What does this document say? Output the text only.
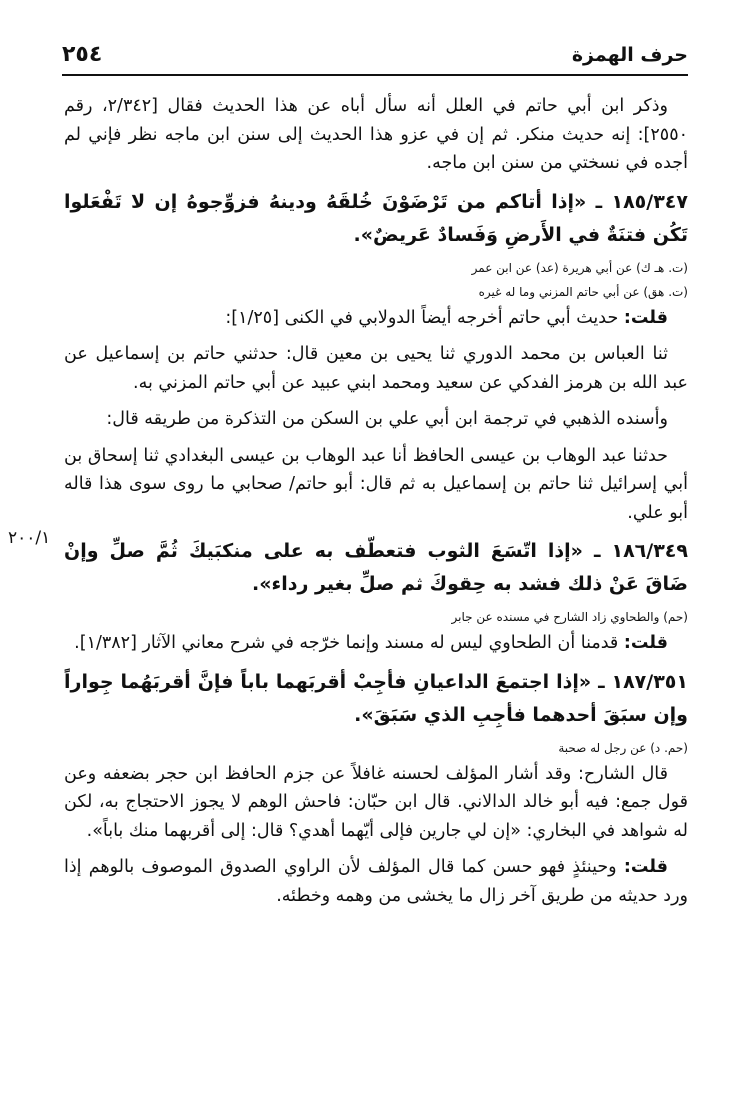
حرف الهمزة
٢٥٤
٢٠٠/١

وذكر ابن أبي حاتم في العلل أنه سأل أباه عن هذا الحديث فقال [٢/٣٤٢، رقم ٢٥٥٠]: إنه حديث منكر. ثم إن في عزو هذا الحديث إلى سنن ابن ماجه نظر فإني لم أجده في نسختي من سنن ابن ماجه.

١٨٥/٣٤٧ ـ «إذا أتاكم من تَرْضَوْنَ خُلقَهُ ودينهُ فزوِّجوهُ إن لا تَفْعَلوا تَكُن فتنَةٌ في الأَرضِ وَفَسادٌ عَريضٌ».

(ت. هـ ك) عن أبي هريرة (عد) عن ابن عمر

(ت. هق) عن أبي حاتم المزني وما له غيره

قلت: حديث أبي حاتم أخرجه أيضاً الدولابي في الكنى [١/٢٥]:

ثنا العباس بن محمد الدوري ثنا يحيى بن معين قال: حدثني حاتم بن إسماعيل عن عبد الله بن هرمز الفدكي عن سعيد ومحمد ابني عبيد عن أبي حاتم المزني به.

وأسنده الذهبي في ترجمة ابن أبي علي بن السكن من التذكرة من طريقه قال:

حدثنا عبد الوهاب بن عيسى الحافظ أنا عبد الوهاب بن عيسى البغدادي ثنا إسحاق بن أبي إسرائيل ثنا حاتم بن إسماعيل به ثم قال: أبو حاتم/ صحابي ما روى سوى هذا قاله أبو علي.

١٨٦/٣٤٩ ـ «إذا اتّسَعَ الثوب فتعطّف به على منكبَيكَ ثُمَّ صلِّ وإنْ ضَاقَ عَنْ ذلك فشد به حِقوكَ ثم صلِّ بغير رداء».

(حم) والطحاوي زاد الشارح في مسنده عن جابر

قلت: قدمنا أن الطحاوي ليس له مسند وإنما خرّجه في شرح معاني الآثار [١/٣٨٢].

١٨٧/٣٥١ ـ «إذا اجتمعَ الداعيانِ فأجِبْ أقربَهما باباً فإنَّ أقربَهُما جِواراً وإن سبَقَ أحدهما فأجِبِ الذي سَبَقَ».

(حم. د) عن رجل له صحبة

قال الشارح: وقد أشار المؤلف لحسنه غافلاً عن جزم الحافظ ابن حجر بضعفه وعن قول جمع: فيه أبو خالد الدالاني. قال ابن حبّان: فاحش الوهم لا يجوز الاحتجاج به، لكن له شواهد في البخاري: «إن لي جارين فإلى أيّهما أهدي؟ قال: إلى أقربهما منك باباً».

قلت: وحينئذٍ فهو حسن كما قال المؤلف لأن الراوي الصدوق الموصوف بالوهم إذا ورد حديثه من طريق آخر زال ما يخشى من وهمه وخطئه.
